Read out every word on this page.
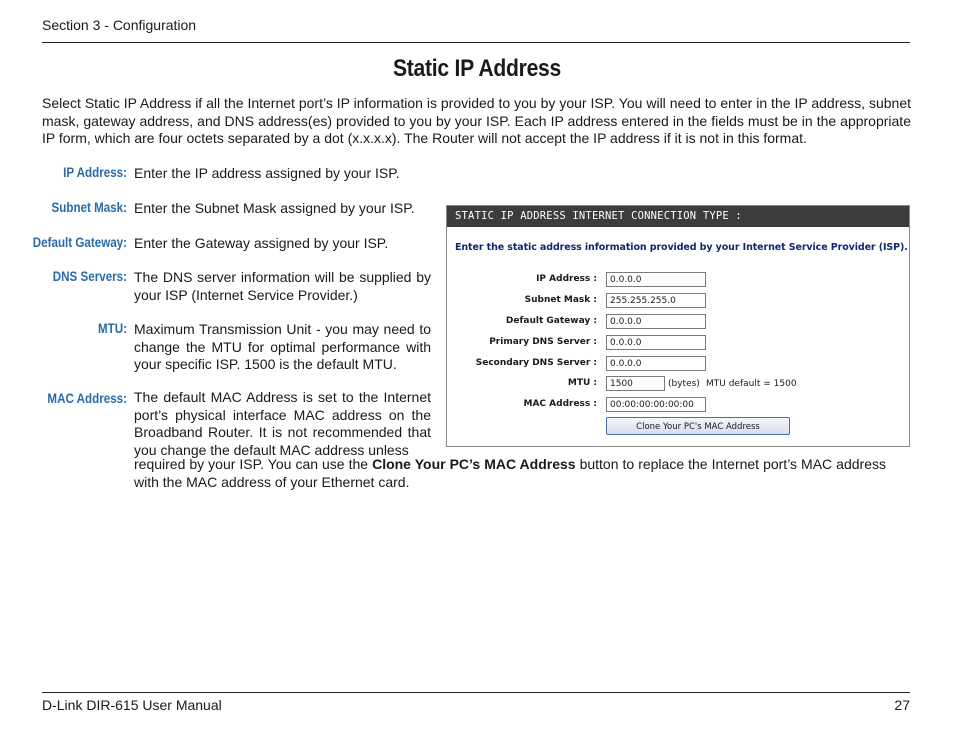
Section 3 - Configuration
Static IP Address
Select Static IP Address if all the Internet port’s IP information is provided to you by your ISP. You will need to enter in the IP address, subnet mask, gateway address, and DNS address(es) provided to you by your ISP. Each IP address entered in the fields must be in the appropriate IP form, which are four octets separated by a dot (x.x.x.x). The Router will not accept the IP address if it is not in this format.
IP Address: Enter the IP address assigned by your ISP.
Subnet Mask: Enter the Subnet Mask assigned by your ISP.
Default Gateway: Enter the Gateway assigned by your ISP.
DNS Servers: The DNS server information will be supplied by your ISP (Internet Service Provider.)
MTU: Maximum Transmission Unit - you may need to change the MTU for optimal performance with your specific ISP. 1500 is the default MTU.
MAC Address: The default MAC Address is set to the Internet port’s physical interface MAC address on the Broadband Router. It is not recommended that you change the default MAC address unless
required by your ISP. You can use the Clone Your PC’s MAC Address button to replace the Internet port’s MAC address with the MAC address of your Ethernet card.
STATIC IP ADDRESS INTERNET CONNECTION TYPE :
Enter the static address information provided by your Internet Service Provider (ISP).
IP Address :	0.0.0.0
Subnet Mask :	255.255.255.0
Default Gateway :	0.0.0.0
Primary DNS Server :	0.0.0.0
Secondary DNS Server :	0.0.0.0
MTU :	1500	(bytes) MTU default = 1500
MAC Address :	00:00:00:00:00:00
Clone Your PC's MAC Address
D-Link DIR-615 User Manual	27
